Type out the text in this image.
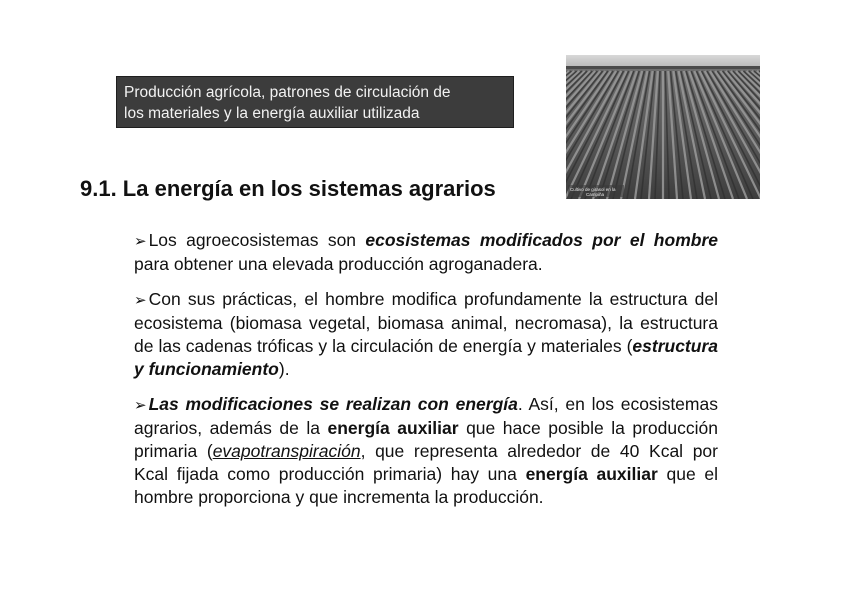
Producción agrícola, patrones de circulación de
los materiales y la energía auxiliar utilizada
Cultivo de girasol en la
Campiña
9.1. La energía en los sistemas agrarios

➢ Los agroecosistemas son ecosistemas modificados por el hombre para obtener una elevada producción agroganadera.

➢ Con sus prácticas, el hombre modifica profundamente la estructura del ecosistema (biomasa vegetal, biomasa animal, necromasa), la estructura de las cadenas tróficas y la circulación de energía y materiales (estructura y funcionamiento).

➢ Las modificaciones se realizan con energía. Así, en los ecosistemas agrarios, además de la energía auxiliar que hace posible la producción primaria (evapotranspiración, que representa alrededor de 40 Kcal por Kcal fijada como producción primaria) hay una energía auxiliar que el hombre proporciona y que incrementa la producción.
